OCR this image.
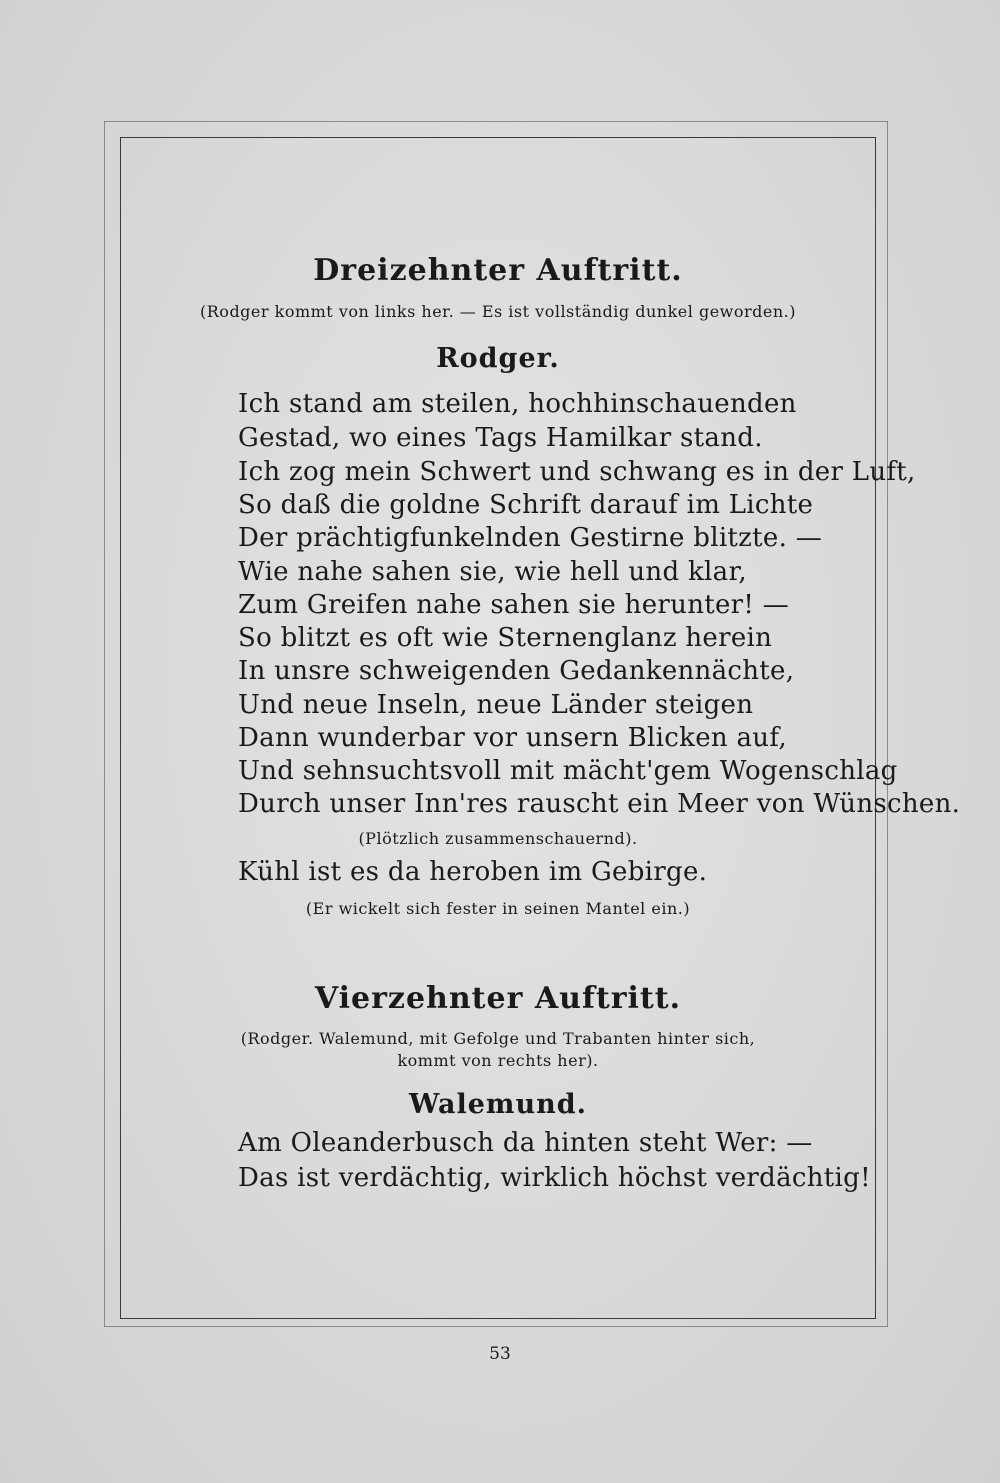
Dreizehnter Auftritt.
(Rodger kommt von links her. — Es ist vollständig dunkel geworden.)
Rodger.
Ich stand am steilen, hochhinschauenden
Gestad, wo eines Tags Hamilkar stand.
Ich zog mein Schwert und schwang es in der Luft,
So daß die goldne Schrift darauf im Lichte
Der prächtigfunkelnden Gestirne blitzte. —
Wie nahe sahen sie, wie hell und klar,
Zum Greifen nahe sahen sie herunter! —
So blitzt es oft wie Sternenglanz herein
In unsre schweigenden Gedankennächte,
Und neue Inseln, neue Länder steigen
Dann wunderbar vor unsern Blicken auf,
Und sehnsuchtsvoll mit mächt'gem Wogenschlag
Durch unser Inn'res rauscht ein Meer von Wünschen.
(Plötzlich zusammenschauernd).
Kühl ist es da heroben im Gebirge.
(Er wickelt sich fester in seinen Mantel ein.)
Vierzehnter Auftritt.
(Rodger. Walemund, mit Gefolge und Trabanten hinter sich,
kommt von rechts her).
Walemund.
Am Oleanderbusch da hinten steht Wer: —
Das ist verdächtig, wirklich höchst verdächtig!
53
